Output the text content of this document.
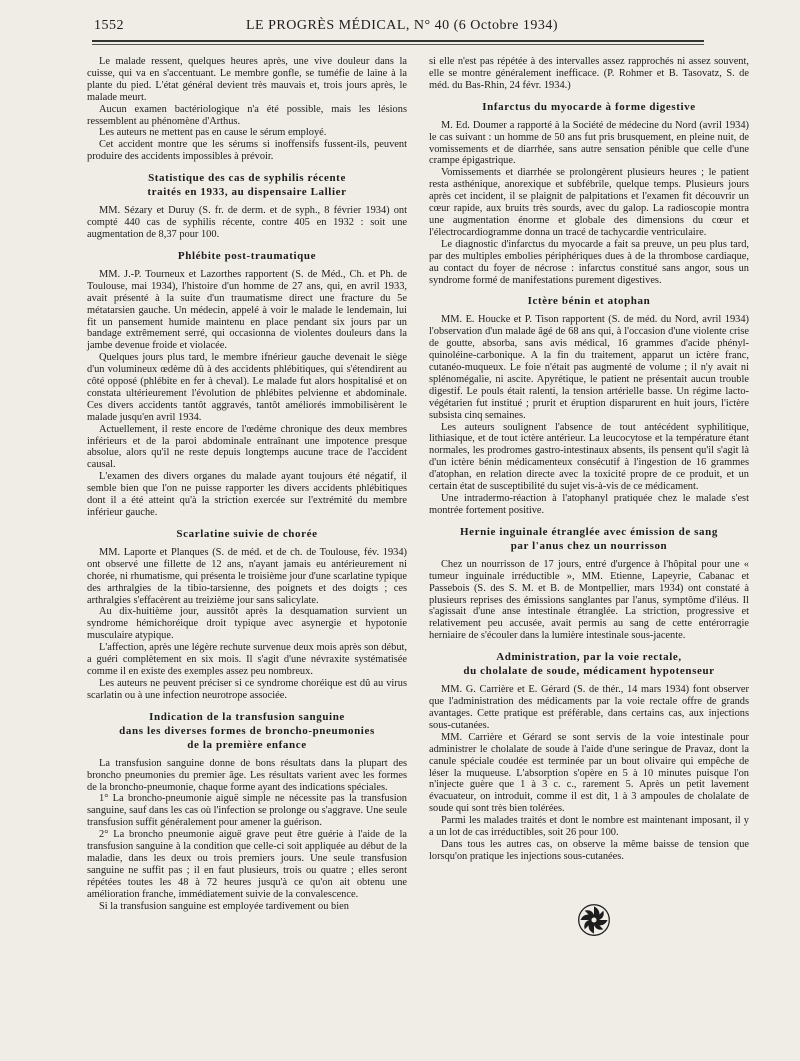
1552	LE PROGRÈS MÉDICAL, N° 40 (6 Octobre 1934)

Le malade ressent, quelques heures après, une vive douleur dans la cuisse, qui va en s'accentuant. Le membre gonfle, se tuméfie de laine à la plante du pied. L'état général devient très mauvais et, trois jours après, le malade meurt.

Aucun examen bactériologique n'a été possible, mais les lésions ressemblent au phénomène d'Arthus.

Les auteurs ne mettent pas en cause le sérum employé.

Cet accident montre que les sérums si inoffensifs fussent-ils, peuvent produire des accidents impossibles à prévoir.

Statistique des cas de syphilis récente
traités en 1933, au dispensaire Lallier

MM. Sézary et Duruy (S. fr. de derm. et de syph., 8 février 1934) ont compté 440 cas de syphilis récente, contre 405 en 1932 : soit une augmentation de 8,37 pour 100.

Phlébite post-traumatique

MM. J.-P. Tourneux et Lazorthes rapportent (S. de Méd., Ch. et Ph. de Toulouse, mai 1934), l'histoire d'un homme de 27 ans, qui, en avril 1933, avait présenté à la suite d'un traumatisme direct une fracture du 5e métatarsien gauche. Un médecin, appelé à voir le malade le lendemain, lui fit un pansement humide maintenu en place pendant six jours par un bandage extrêmement serré, qui occasionna de violentes douleurs dans la jambe devenue froide et violacée.

Quelques jours plus tard, le membre ifnérieur gauche devenait le siège d'un volumineux œdème dû à des accidents phlébitiques, qui s'étendirent au côté opposé (phlébite en fer à cheval). Le malade fut alors hospitalisé et on constata ultérieurement l'évolution de phlébites pelvienne et abdominale. Ces divers accidents tantôt aggravés, tantôt améliorés immobilisèrent le malade jusqu'en avril 1934.

Actuellement, il reste encore de l'œdème chronique des deux membres inférieurs et de la paroi abdominale entraînant une impotence presque absolue, alors qu'il ne reste depuis longtemps aucune trace de l'accident causal.

L'examen des divers organes du malade ayant toujours été négatif, il semble bien que l'on ne puisse rapporter les divers accidents phlébitiques dont il a été atteint qu'à la striction exercée sur l'extrémité du membre inférieur gauche.

Scarlatine suivie de chorée

MM. Laporte et Planques (S. de méd. et de ch. de Toulouse, fév. 1934) ont observé une fillette de 12 ans, n'ayant jamais eu antérieurement ni chorée, ni rhumatisme, qui présenta le troisième jour d'une scarlatine typique des arthralgies de la tibio-tarsienne, des poignets et des doigts ; ces arthralgies s'effacèrent au treizième jour sans salicylate.

Au dix-huitième jour, aussitôt après la desquamation survient un syndrome hémichoréique droit typique avec asynergie et hypotonie musculaire atypique.

L'affection, après une légère rechute survenue deux mois après son début, a guéri complètement en six mois. Il s'agit d'une névraxite systématisée comme il en existe des exemples assez peu nombreux.

Les auteurs ne peuvent préciser si ce syndrome choréique est dû au virus scarlatin ou à une infection neurotrope associée.

Indication de la transfusion sanguine
dans les diverses formes de broncho-pneumonies
de la première enfance

La transfusion sanguine donne de bons résultats dans la plupart des broncho pneumonies du premier âge. Les résultats varient avec les formes de la broncho-pneumonie, chaque forme ayant des indications spéciales.

1° La broncho-pneumonie aiguë simple ne nécessite pas la transfusion sanguine, sauf dans les cas où l'infection se prolonge ou s'aggrave. Une seule transfusion suffit généralement pour amener la guérison.

2° La broncho pneumonie aiguë grave peut être guérie à l'aide de la transfusion sanguine à la condition que celle-ci soit appliquée au début de la maladie, dans les deux ou trois premiers jours. Une seule transfusion sanguine ne suffit pas ; il en faut plusieurs, trois ou quatre ; elles seront répétées toutes les 48 à 72 heures jusqu'à ce qu'on ait obtenu une amélioration franche, immédiatement suivie de la convalescence.

Si la transfusion sanguine est employée tardivement ou bien

si elle n'est pas répétée à des intervalles assez rapprochés ni assez souvent, elle se montre généralement inefficace. (P. Rohmer et B. Tasovatz, S. de méd. du Bas-Rhin, 24 févr. 1934.)

Infarctus du myocarde à forme digestive

M. Ed. Doumer a rapporté à la Société de médecine du Nord (avril 1934) le cas suivant : un homme de 50 ans fut pris brusquement, en pleine nuit, de vomissements et de diarrhée, sans autre sensation pénible que celle d'une crampe épigastrique.

Vomissements et diarrhée se prolongèrent plusieurs heures ; le patient resta asthénique, anorexique et subfébrile, quelque temps. Plusieurs jours après cet incident, il se plaignit de palpitations et l'examen fit découvrir un cœur rapide, aux bruits très sourds, avec du galop. La radioscopie montra une augmentation énorme et globale des dimensions du cœur et l'électrocardiogramme donna un tracé de tachycardie ventriculaire.

Le diagnostic d'infarctus du myocarde a fait sa preuve, un peu plus tard, par des multiples embolies périphériques dues à de la thrombose cardiaque, au contact du foyer de nécrose : infarctus constitué sans angor, sous un syndrome formé de manifestations purement digestives.

Ictère bénin et atophan

MM. E. Houcke et P. Tison rapportent (S. de méd. du Nord, avril 1934) l'observation d'un malade âgé de 68 ans qui, à l'occasion d'une violente crise de goutte, absorba, sans avis médical, 16 grammes d'acide phényl-quinoléine-carbonique. A la fin du traitement, apparut un ictère franc, cutanéo-muqueux. Le foie n'était pas augmenté de volume ; il n'y avait ni splénomégalie, ni ascite. Apyrétique, le patient ne présentait aucun trouble digestif. Le pouls était ralenti, la tension artérielle basse. Un régime lacto-végétarien fut institué ; prurit et éruption disparurent en huit jours, l'ictère subsista cinq semaines.

Les auteurs soulignent l'absence de tout antécédent syphilitique, lithiasique, et de tout ictère antérieur. La leucocytose et la température étant normales, les prodromes gastro-intestinaux absents, ils pensent qu'il s'agit là d'un ictère bénin médicamenteux consécutif à l'ingestion de 16 grammes d'atophan, en relation directe avec la toxicité propre de ce produit, et un certain état de susceptibilité du sujet vis-à-vis de ce médicament.

Une intradermo-réaction à l'atophanyl pratiquée chez le malade s'est montrée fortement positive.

Hernie inguinale étranglée avec émission de sang
par l'anus chez un nourrisson

Chez un nourrisson de 17 jours, entré d'urgence à l'hôpital pour une « tumeur inguinale irréductible », MM. Etienne, Lapeyrie, Cabanac et Passebois (S. des S. M. et B. de Montpellier, mars 1934) ont constaté à plusieurs reprises des émissions sanglantes par l'anus, symptôme d'iléus. Il s'agissait d'une anse intestinale étranglée. La striction, progressive et relativement peu accusée, avait permis au sang de cette entérorragie herniaire de s'écouler dans la lumière intestinale sous-jacente.

Administration, par la voie rectale,
du cholalate de soude, médicament hypotenseur

MM. G. Carrière et E. Gérard (S. de thér., 14 mars 1934) font observer que l'administration des médicaments par la voie rectale offre de grands avantages. Cette pratique est préférable, dans certains cas, aux injections sous-cutanées.

MM. Carrière et Gérard se sont servis de la voie intestinale pour administrer le cholalate de soude à l'aide d'une seringue de Pravaz, dont la canule spéciale coudée est terminée par un bout olivaire qui empêche de léser la muqueuse. L'absorption s'opère en 5 à 10 minutes puisque l'on n'injecte guère que 1 à 3 c. c., rarement 5. Après un petit lavement évacuateur, on introduit, comme il est dit, 1 à 3 ampoules de cholalate de soude qui sont très bien tolérées.

Parmi les malades traités et dont le nombre est maintenant imposant, il y a un lot de cas irréductibles, soit 26 pour 100.

Dans tous les autres cas, on observe la même baisse de tension que lorsqu'on pratique les injections sous-cutanées.
